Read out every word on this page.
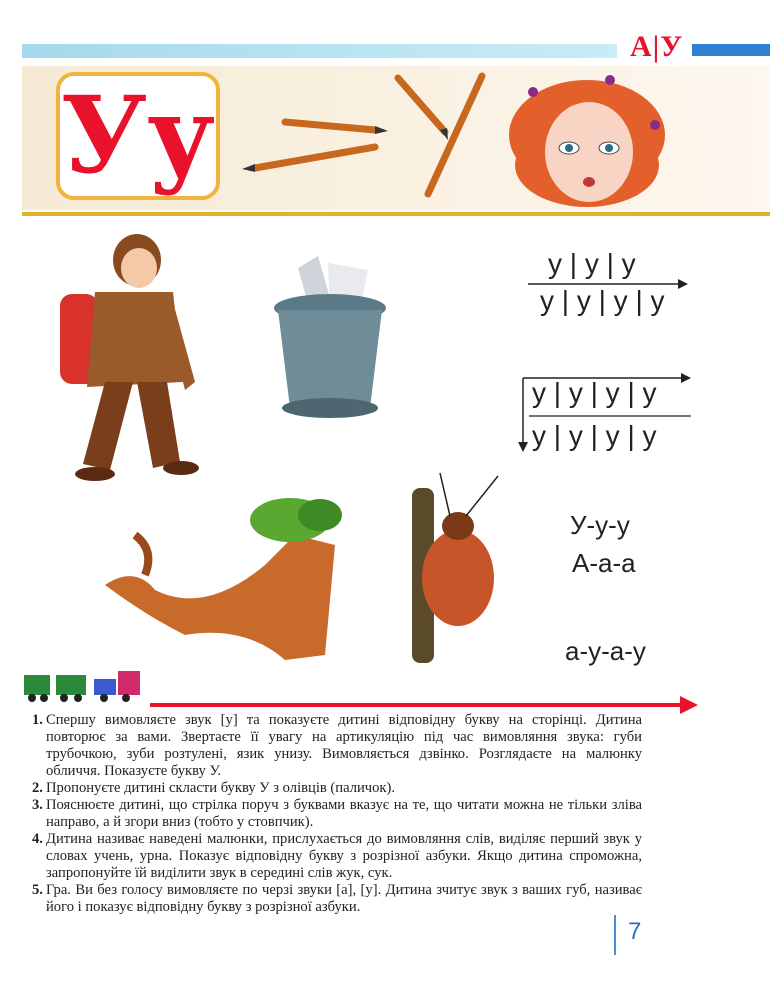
А|У
Уу
у | у | у
у | у | у | у
у | у | у | у
у | у | у | у
У-у-у
А-а-а
а-у-а-у
1. Спершу вимовляєте звук [у] та показуєте дитині відповідну букву на сторінці. Дитина повторює за вами. Звертаєте її увагу на артикуляцію під час вимовляння звука: губи трубочкою, зуби розтулені, язик унизу. Вимовляється дзвінко. Розглядаєте на малюнку обличчя. Показуєте букву У.
2. Пропонуєте дитині скласти букву У з олівців (паличок).
3. Пояснюєте дитині, що стрілка поруч з буквами вказує на те, що читати можна не тільки зліва направо, а й згори вниз (тобто у стовпчик).
4. Дитина називає наведені малюнки, прислухається до вимовляння слів, виділяє перший звук у словах учень, урна. Показує відповідну букву з розрізної азбуки. Якщо дитина спроможна, запропонуйте їй виділити звук в середині слів жук, сук.
5. Гра. Ви без голосу вимовляєте по черзі звуки [а], [у]. Дитина зчитує звук з ваших губ, називає його і показує відповідну букву з розрізної азбуки.
7
